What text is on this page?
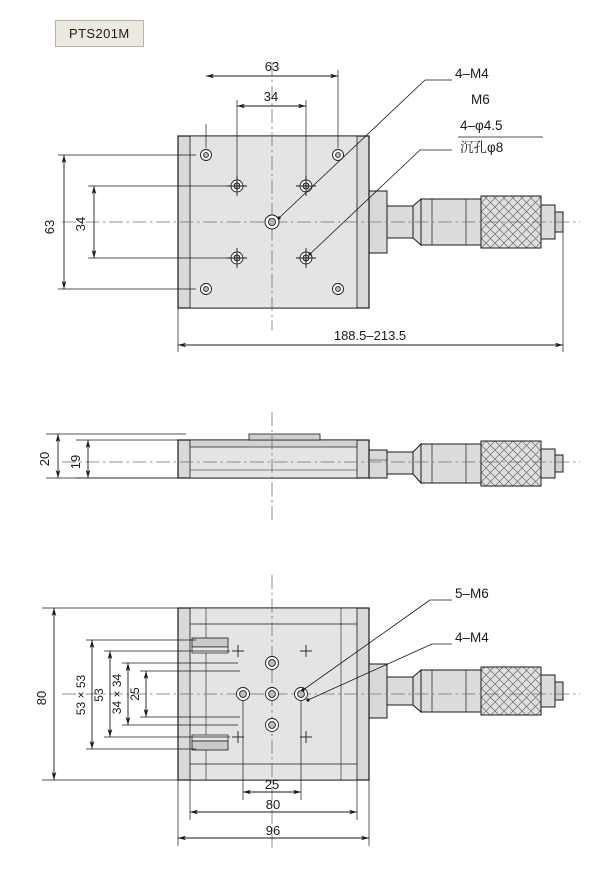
PTS201M
63
34
63 34
188.5–213.5
4–M4
M6
4–φ4.5
沉孔φ8
20 19
80 53 × 53 53 34 × 34 25
25
80
96
5–M6
4–M4
